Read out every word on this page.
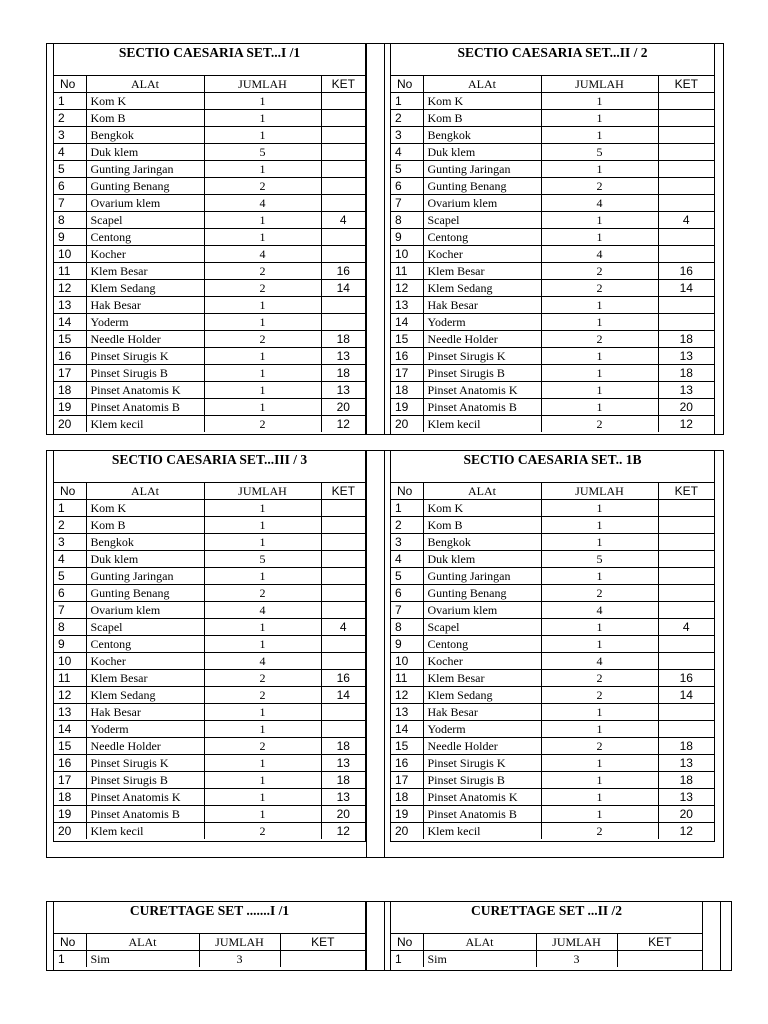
SECTIO CAESARIA SET...I /1
No	ALAt	JUMLAH	KET
1	Kom K	1	
2	Kom B	1	
3	Bengkok	1	
4	Duk klem	5	
5	Gunting Jaringan	1	
6	Gunting Benang	2	
7	Ovarium klem	4	
8	Scapel	1	4
9	Centong	1	
10	Kocher	4	
11	Klem Besar	2	16
12	Klem Sedang	2	14
13	Hak Besar	1	
14	Yoderm	1	
15	Needle Holder	2	18
16	Pinset Sirugis K	1	13
17	Pinset Sirugis B	1	18
18	Pinset Anatomis K	1	13
19	Pinset Anatomis B	1	20
20	Klem kecil	2	12
SECTIO CAESARIA SET...II / 2
No	ALAt	JUMLAH	KET
1	Kom K	1	
2	Kom B	1	
3	Bengkok	1	
4	Duk klem	5	
5	Gunting Jaringan	1	
6	Gunting Benang	2	
7	Ovarium klem	4	
8	Scapel	1	4
9	Centong	1	
10	Kocher	4	
11	Klem Besar	2	16
12	Klem Sedang	2	14
13	Hak Besar	1	
14	Yoderm	1	
15	Needle Holder	2	18
16	Pinset Sirugis K	1	13
17	Pinset Sirugis B	1	18
18	Pinset Anatomis K	1	13
19	Pinset Anatomis B	1	20
20	Klem kecil	2	12
SECTIO CAESARIA SET...III / 3
No	ALAt	JUMLAH	KET
1	Kom K	1	
2	Kom B	1	
3	Bengkok	1	
4	Duk klem	5	
5	Gunting Jaringan	1	
6	Gunting Benang	2	
7	Ovarium klem	4	
8	Scapel	1	4
9	Centong	1	
10	Kocher	4	
11	Klem Besar	2	16
12	Klem Sedang	2	14
13	Hak Besar	1	
14	Yoderm	1	
15	Needle Holder	2	18
16	Pinset Sirugis K	1	13
17	Pinset Sirugis B	1	18
18	Pinset Anatomis K	1	13
19	Pinset Anatomis B	1	20
20	Klem kecil	2	12
SECTIO CAESARIA SET.. 1B
No	ALAt	JUMLAH	KET
1	Kom K	1	
2	Kom B	1	
3	Bengkok	1	
4	Duk klem	5	
5	Gunting Jaringan	1	
6	Gunting Benang	2	
7	Ovarium klem	4	
8	Scapel	1	4
9	Centong	1	
10	Kocher	4	
11	Klem Besar	2	16
12	Klem Sedang	2	14
13	Hak Besar	1	
14	Yoderm	1	
15	Needle Holder	2	18
16	Pinset Sirugis K	1	13
17	Pinset Sirugis B	1	18
18	Pinset Anatomis K	1	13
19	Pinset Anatomis B	1	20
20	Klem kecil	2	12
CURETTAGE SET .......I /1
No	ALAt	JUMLAH	KET
1	Sim	3	
CURETTAGE SET ...II /2
No	ALAt	JUMLAH	KET
1	Sim	3	
